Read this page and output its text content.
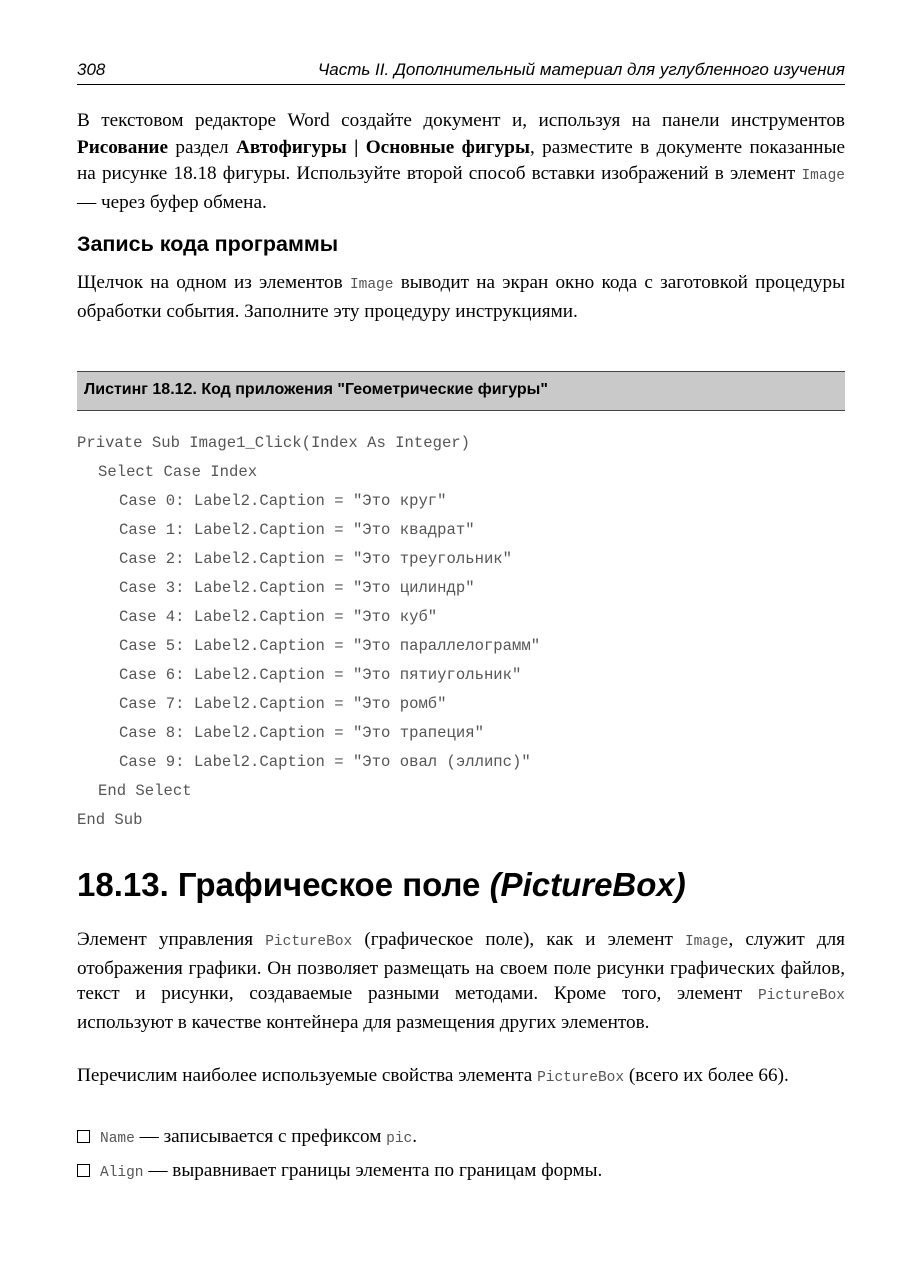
308	Часть II. Дополнительный материал для углубленного изучения

В текстовом редакторе Word создайте документ и, используя на панели инструментов Рисование раздел Автофигуры | Основные фигуры, разместите в документе показанные на рисунке 18.18 фигуры. Используйте второй способ вставки изображений в элемент Image — через буфер обмена.

Запись кода программы

Щелчок на одном из элементов Image выводит на экран окно кода с заготовкой процедуры обработки события. Заполните эту процедуру инструкциями.

Листинг 18.12. Код приложения "Геометрические фигуры"
Private Sub Image1_Click(Index As Integer)
Select Case Index
Case 0: Label2.Caption = "Это круг"
Case 1: Label2.Caption = "Это квадрат"
Case 2: Label2.Caption = "Это треугольник"
Case 3: Label2.Caption = "Это цилиндр"
Case 4: Label2.Caption = "Это куб"
Case 5: Label2.Caption = "Это параллелограмм"
Case 6: Label2.Caption = "Это пятиугольник"
Case 7: Label2.Caption = "Это ромб"
Case 8: Label2.Caption = "Это трапеция"
Case 9: Label2.Caption = "Это овал (эллипс)"
End Select
End Sub
18.13. Графическое поле (PictureBox)

Элемент управления PictureBox (графическое поле), как и элемент Image, служит для отображения графики. Он позволяет размещать на своем поле рисунки графических файлов, текст и рисунки, создаваемые разными методами. Кроме того, элемент PictureBox используют в качестве контейнера для размещения других элементов.

Перечислим наиболее используемые свойства элемента PictureBox (всего их более 66).

Name — записывается с префиксом pic.
Align — выравнивает границы элемента по границам формы.
